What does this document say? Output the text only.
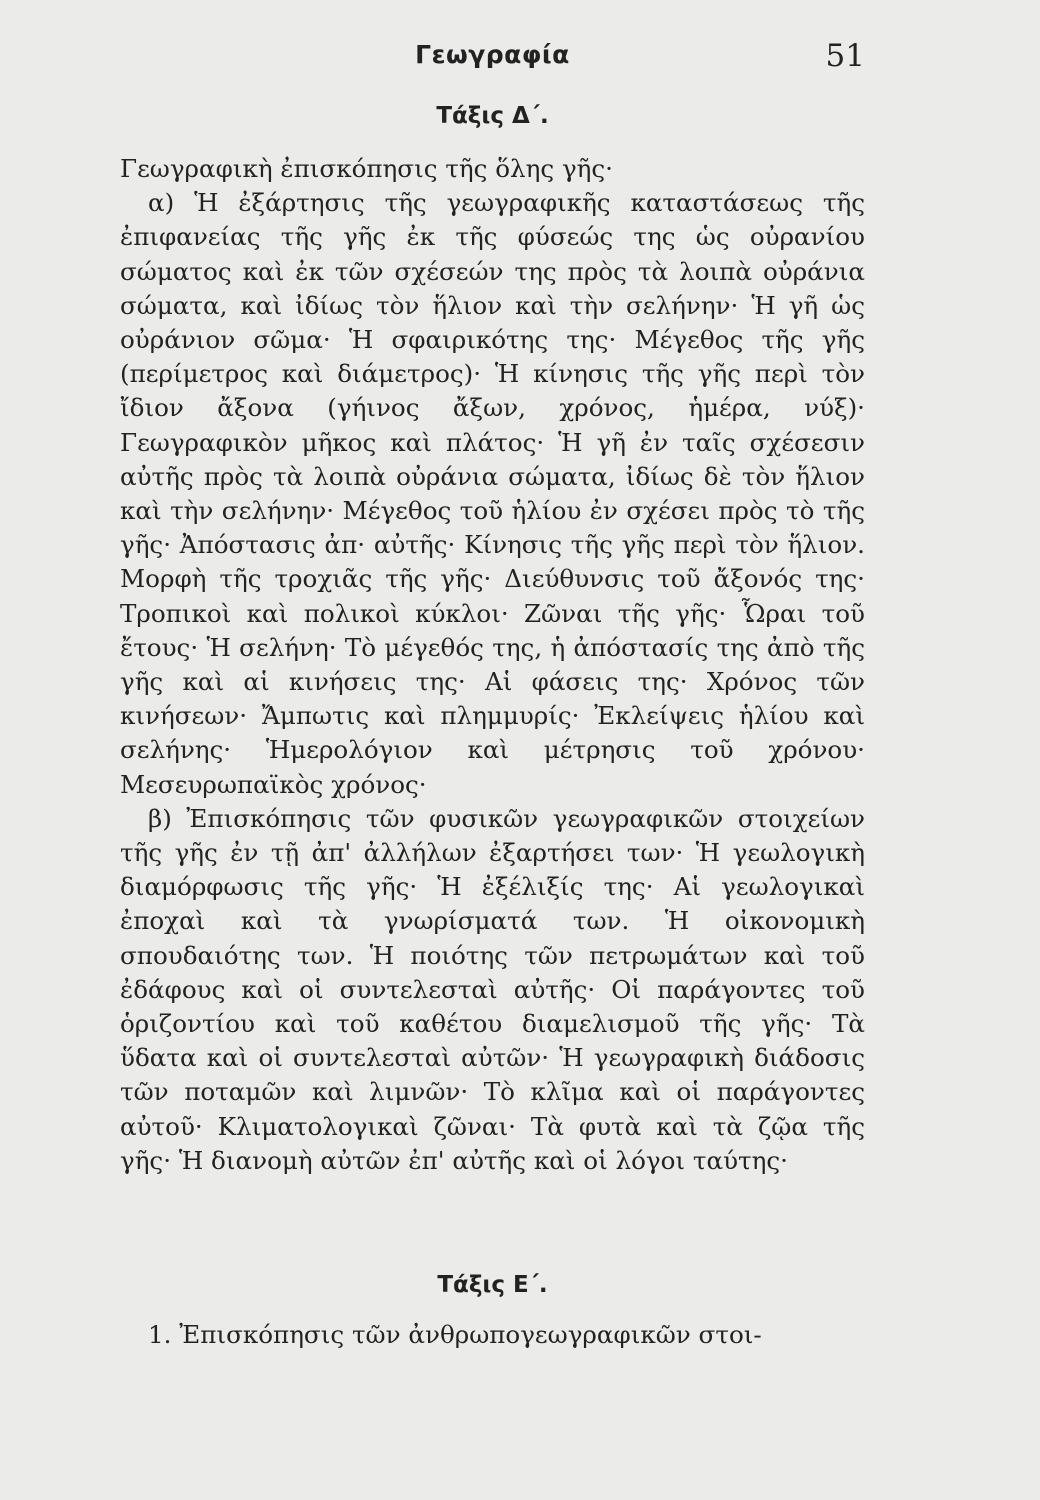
Γεωγραφία	51
Τάξις Δ΄.

Γεωγραφικὴ ἐπισκόπησις τῆς ὅλης γῆς·

α) Ἡ ἐξάρτησις τῆς γεωγραφικῆς καταστάσεως τῆς ἐπιφανείας τῆς γῆς ἐκ τῆς φύσεώς της ὡς οὐρανίου σώματος καὶ ἐκ τῶν σχέσεών της πρὸς τὰ λοιπὰ οὐράνια σώματα, καὶ ἰδίως τὸν ἥλιον καὶ τὴν σελήνην· Ἡ γῆ ὡς οὐράνιον σῶμα· Ἡ σφαιρικότης της· Μέγεθος τῆς γῆς (περίμετρος καὶ διάμετρος)· Ἡ κίνησις τῆς γῆς περὶ τὸν ἴδιον ἄξονα (γήινος ἄξων, χρόνος, ἡμέρα, νύξ)· Γεωγραφικὸν μῆκος καὶ πλάτος· Ἡ γῆ ἐν ταῖς σχέσεσιν αὐτῆς πρὸς τὰ λοιπὰ οὐράνια σώματα, ἰδίως δὲ τὸν ἥλιον καὶ τὴν σελήνην· Μέγεθος τοῦ ἡλίου ἐν σχέσει πρὸς τὸ τῆς γῆς· Ἀπόστασις ἀπ· αὐτῆς· Κίνησις τῆς γῆς περὶ τὸν ἥλιον. Μορφὴ τῆς τροχιᾶς τῆς γῆς· Διεύθυνσις τοῦ ἄξονός της· Τροπικοὶ καὶ πολικοὶ κύκλοι· Ζῶναι τῆς γῆς· Ὧραι τοῦ ἔτους· Ἡ σελήνη· Τὸ μέγεθός της, ἡ ἀπόστασίς της ἀπὸ τῆς γῆς καὶ αἱ κινήσεις της· Αἱ φάσεις της· Χρόνος τῶν κινήσεων· Ἄμπωτις καὶ πλημμυρίς· Ἐκλείψεις ἡλίου καὶ σελήνης· Ἡμερολόγιον καὶ μέτρησις τοῦ χρόνου· Μεσευρωπαϊκὸς χρόνος·

β) Ἐπισκόπησις τῶν φυσικῶν γεωγραφικῶν στοιχείων τῆς γῆς ἐν τῇ ἀπ' ἀλλήλων ἐξαρτήσει των· Ἡ γεωλογικὴ διαμόρφωσις τῆς γῆς· Ἡ ἐξέλιξίς της· Αἱ γεωλογικαὶ ἐποχαὶ καὶ τὰ γνωρίσματά των. Ἡ οἰκονομικὴ σπουδαιότης των. Ἡ ποιότης τῶν πετρωμάτων καὶ τοῦ ἐδάφους καὶ οἱ συντελεσταὶ αὐτῆς· Οἱ παράγοντες τοῦ ὁριζοντίου καὶ τοῦ καθέτου διαμελισμοῦ τῆς γῆς· Τὰ ὕδατα καὶ οἱ συντελεσταὶ αὐτῶν· Ἡ γεωγραφικὴ διάδοσις τῶν ποταμῶν καὶ λιμνῶν· Τὸ κλῖμα καὶ οἱ παράγοντες αὐτοῦ· Κλιματολογικαὶ ζῶναι· Τὰ φυτὰ καὶ τὰ ζῷα τῆς γῆς· Ἡ διανομὴ αὐτῶν ἐπ' αὐτῆς καὶ οἱ λόγοι ταύτης·

Τάξις Ε΄.
1. Ἐπισκόπησις τῶν ἀνθρωπογεωγραφικῶν στοι-
